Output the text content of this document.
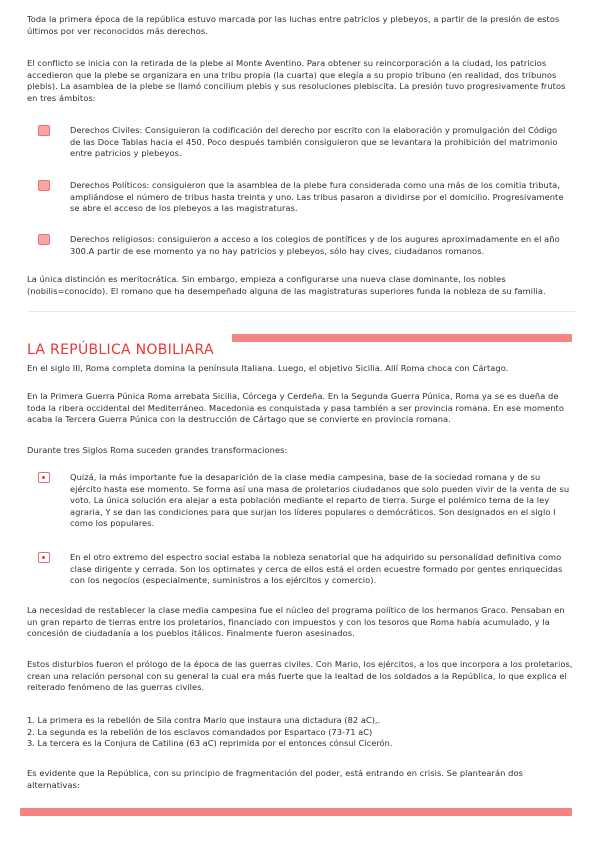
Toda la primera época de la república estuvo marcada por las luchas entre patricios y plebeyos, a partir de la presión de estos últimos por ver reconocidos más derechos.

El conflicto se inicia con la retirada de la plebe al Monte Aventino. Para obtener su reincorporación a la ciudad, los patricios accedieron que la plebe se organizara en una tribu propia (la cuarta) que elegía a su propio tribuno (en realidad, dos tribunos plebis). La asamblea de la plebe se llamó concilium plebis y sus resoluciones plebiscita. La presión tuvo progresivamente frutos en tres ámbitos:

Derechos Civiles: Consiguieron la codificación del derecho por escrito con la elaboración y promulgación del Código de las Doce Tablas hacia el 450. Poco después también consiguieron que se levantara la prohibición del matrimonio entre patricios y plebeyos.

Derechos Políticos: consiguieron que la asamblea de la plebe fura considerada como una más de los comitia tributa, ampliándose el número de tribus hasta treinta y uno. Las tribus pasaron a dividirse por el domicilio. Progresivamente se abre el acceso de los plebeyos a las magistraturas.

Derechos religiosos: consiguieron a acceso a los colegios de pontífices y de los augures aproximadamente en el año 300.A partir de ese momento ya no hay patricios y plebeyos, sólo hay cives, ciudadanos romanos.

La única distinción es meritocrática. Sin embargo, empieza a configurarse una nueva clase dominante, los nobles (nobilis=conocido). El romano que ha desempeñado alguna de las magistraturas superiores funda la nobleza de su familia.

LA REPÚBLICA NOBILIARA

En el siglo III, Roma completa domina la península Italiana. Luego, el objetivo Sicilia. Allí Roma choca con Cártago.

En la Primera Guerra Púnica Roma arrebata Sicilia, Córcega y Cerdeña. En la Segunda Guerra Púnica, Roma ya se es dueña de toda la ribera occidental del Mediterráneo. Macedonia es conquistada y pasa también a ser provincia romana. En ese momento acaba la Tercera Guerra Púnica con la destrucción de Cártago que se convierte en provincia romana.

Durante tres Siglos Roma suceden grandes transformaciones:

Quizá, la más importante fue la desaparición de la clase media campesina, base de la sociedad romana y de su ejército hasta ese momento. Se forma así una masa de proletarios ciudadanos que solo pueden vivir de la venta de su voto. La única solución era alejar a esta población mediante el reparto de tierra. Surge el polémico tema de la ley agraria, Y se dan las condiciones para que surjan los líderes populares o demócráticos. Son designados en el siglo I como los populares.

En el otro extremo del espectro social estaba la nobleza senatorial que ha adquirido su personalidad definitiva como clase dirigente y cerrada. Son los optimates y cerca de ellos está el orden ecuestre formado por gentes enriquecidas con los negocios (especialmente, suministros a los ejércitos y comercio).

La necesidad de restablecer la clase media campesina fue el núcleo del programa político de los hermanos Graco. Pensaban en un gran reparto de tierras entre los proletarios, financiado con impuestos y con los tesoros que Roma había acumulado, y la concesión de ciudadanía a los pueblos itálicos. Finalmente fueron asesinados.

Estos disturbios fueron el prólogo de la época de las guerras civiles. Con Mario, los ejércitos, a los que incorpora a los proletarios, crean una relación personal con su general la cual era más fuerte que la lealtad de los soldados a la República, lo que explica el reiterado fenómeno de las guerras civiles.

1. La primera es la rebelión de Sila contra Mario que instaura una dictadura (82 aC),.
2. La segunda es la rebelión de los esclavos comandados por Espartaco (73-71 aC)
3. La tercera es la Conjura de Catilina (63 aC) reprimida por el entonces cónsul Cicerón.

Es evidente que la República, con su principio de fragmentación del poder, está entrando en crisis. Se plantearán dos alternativas:
